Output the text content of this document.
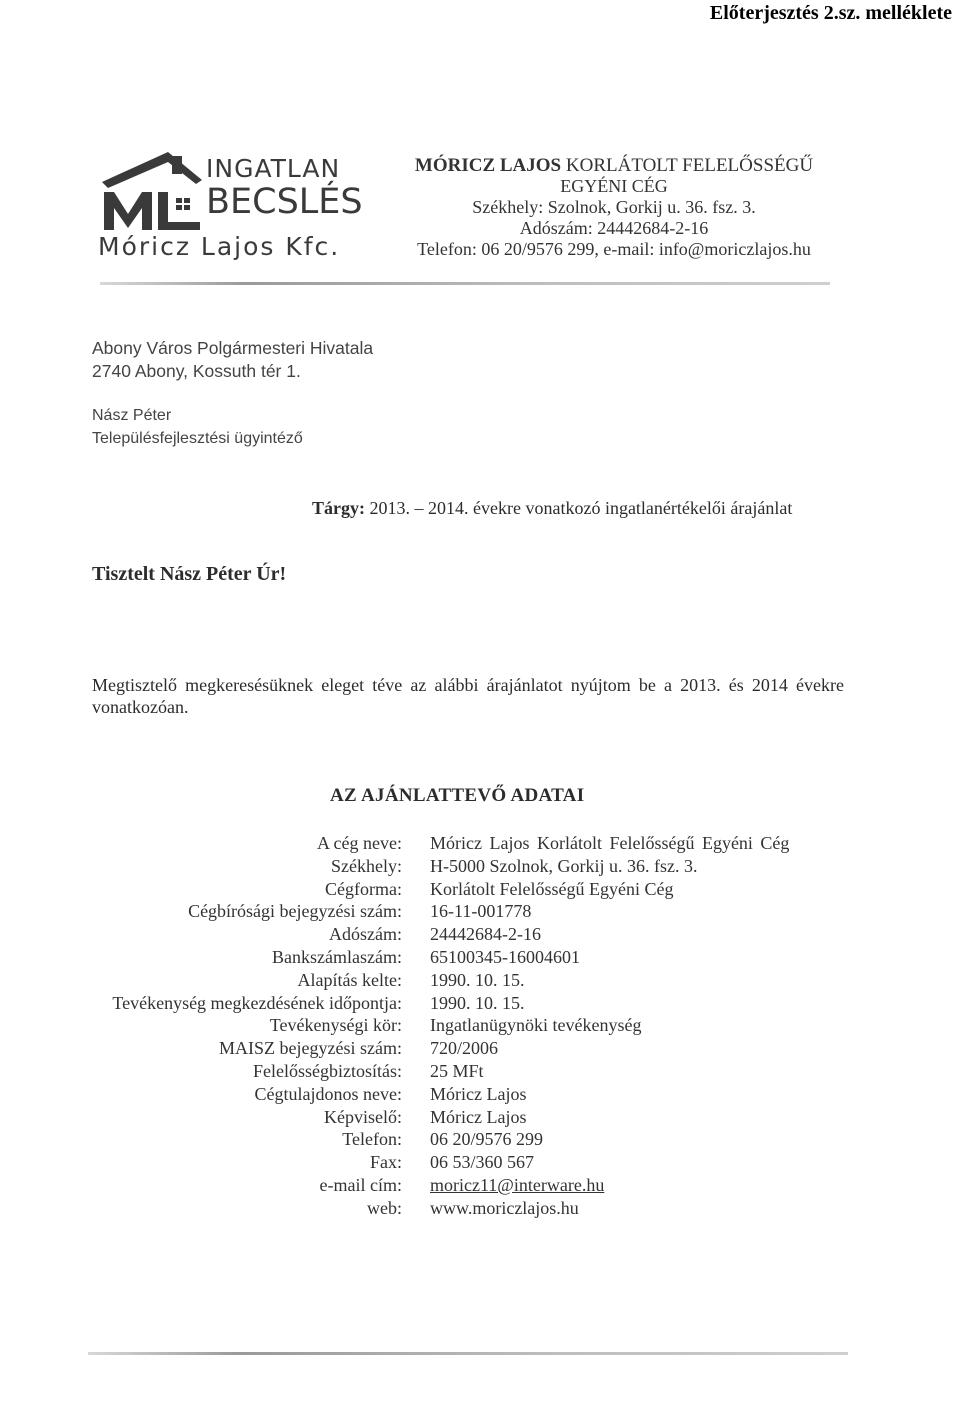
Előterjesztés 2.sz. melléklete
INGATLAN
BECSLÉS
Móricz Lajos Kfc.
MÓRICZ LAJOS KORLÁTOLT FELELŐSSÉGŰ
EGYÉNI CÉG
Székhely: Szolnok, Gorkij u. 36. fsz. 3.
Adószám: 24442684-2-16
Telefon: 06 20/9576 299, e-mail: info@moriczlajos.hu
Abony Város Polgármesteri Hivatala
2740 Abony, Kossuth tér 1.
Nász Péter
Településfejlesztési ügyintéző
Tárgy: 2013. – 2014. évekre vonatkozó ingatlanértékelői árajánlat
Tisztelt Nász Péter Úr!
Megtisztelő megkeresésüknek eleget téve az alábbi árajánlatot nyújtom be a 2013. és 2014 évekre vonatkozóan.
AZ AJÁNLATTEVŐ ADATAI
A cég neve:	Móricz Lajos Korlátolt Felelősségű Egyéni Cég
Székhely:	H-5000 Szolnok, Gorkij u. 36. fsz. 3.
Cégforma:	Korlátolt Felelősségű Egyéni Cég
Cégbírósági bejegyzési szám:	16-11-001778
Adószám:	24442684-2-16
Bankszámlaszám:	65100345-16004601
Alapítás kelte:	1990. 10. 15.
Tevékenység megkezdésének időpontja:	1990. 10. 15.
Tevékenységi kör:	Ingatlanügynöki tevékenység
MAISZ bejegyzési szám:	720/2006
Felelősségbiztosítás:	25 MFt
Cégtulajdonos neve:	Móricz Lajos
Képviselő:	Móricz Lajos
Telefon:	06 20/9576 299
Fax:	06 53/360 567
e-mail cím:	moricz11@interware.hu
web:	www.moriczlajos.hu
